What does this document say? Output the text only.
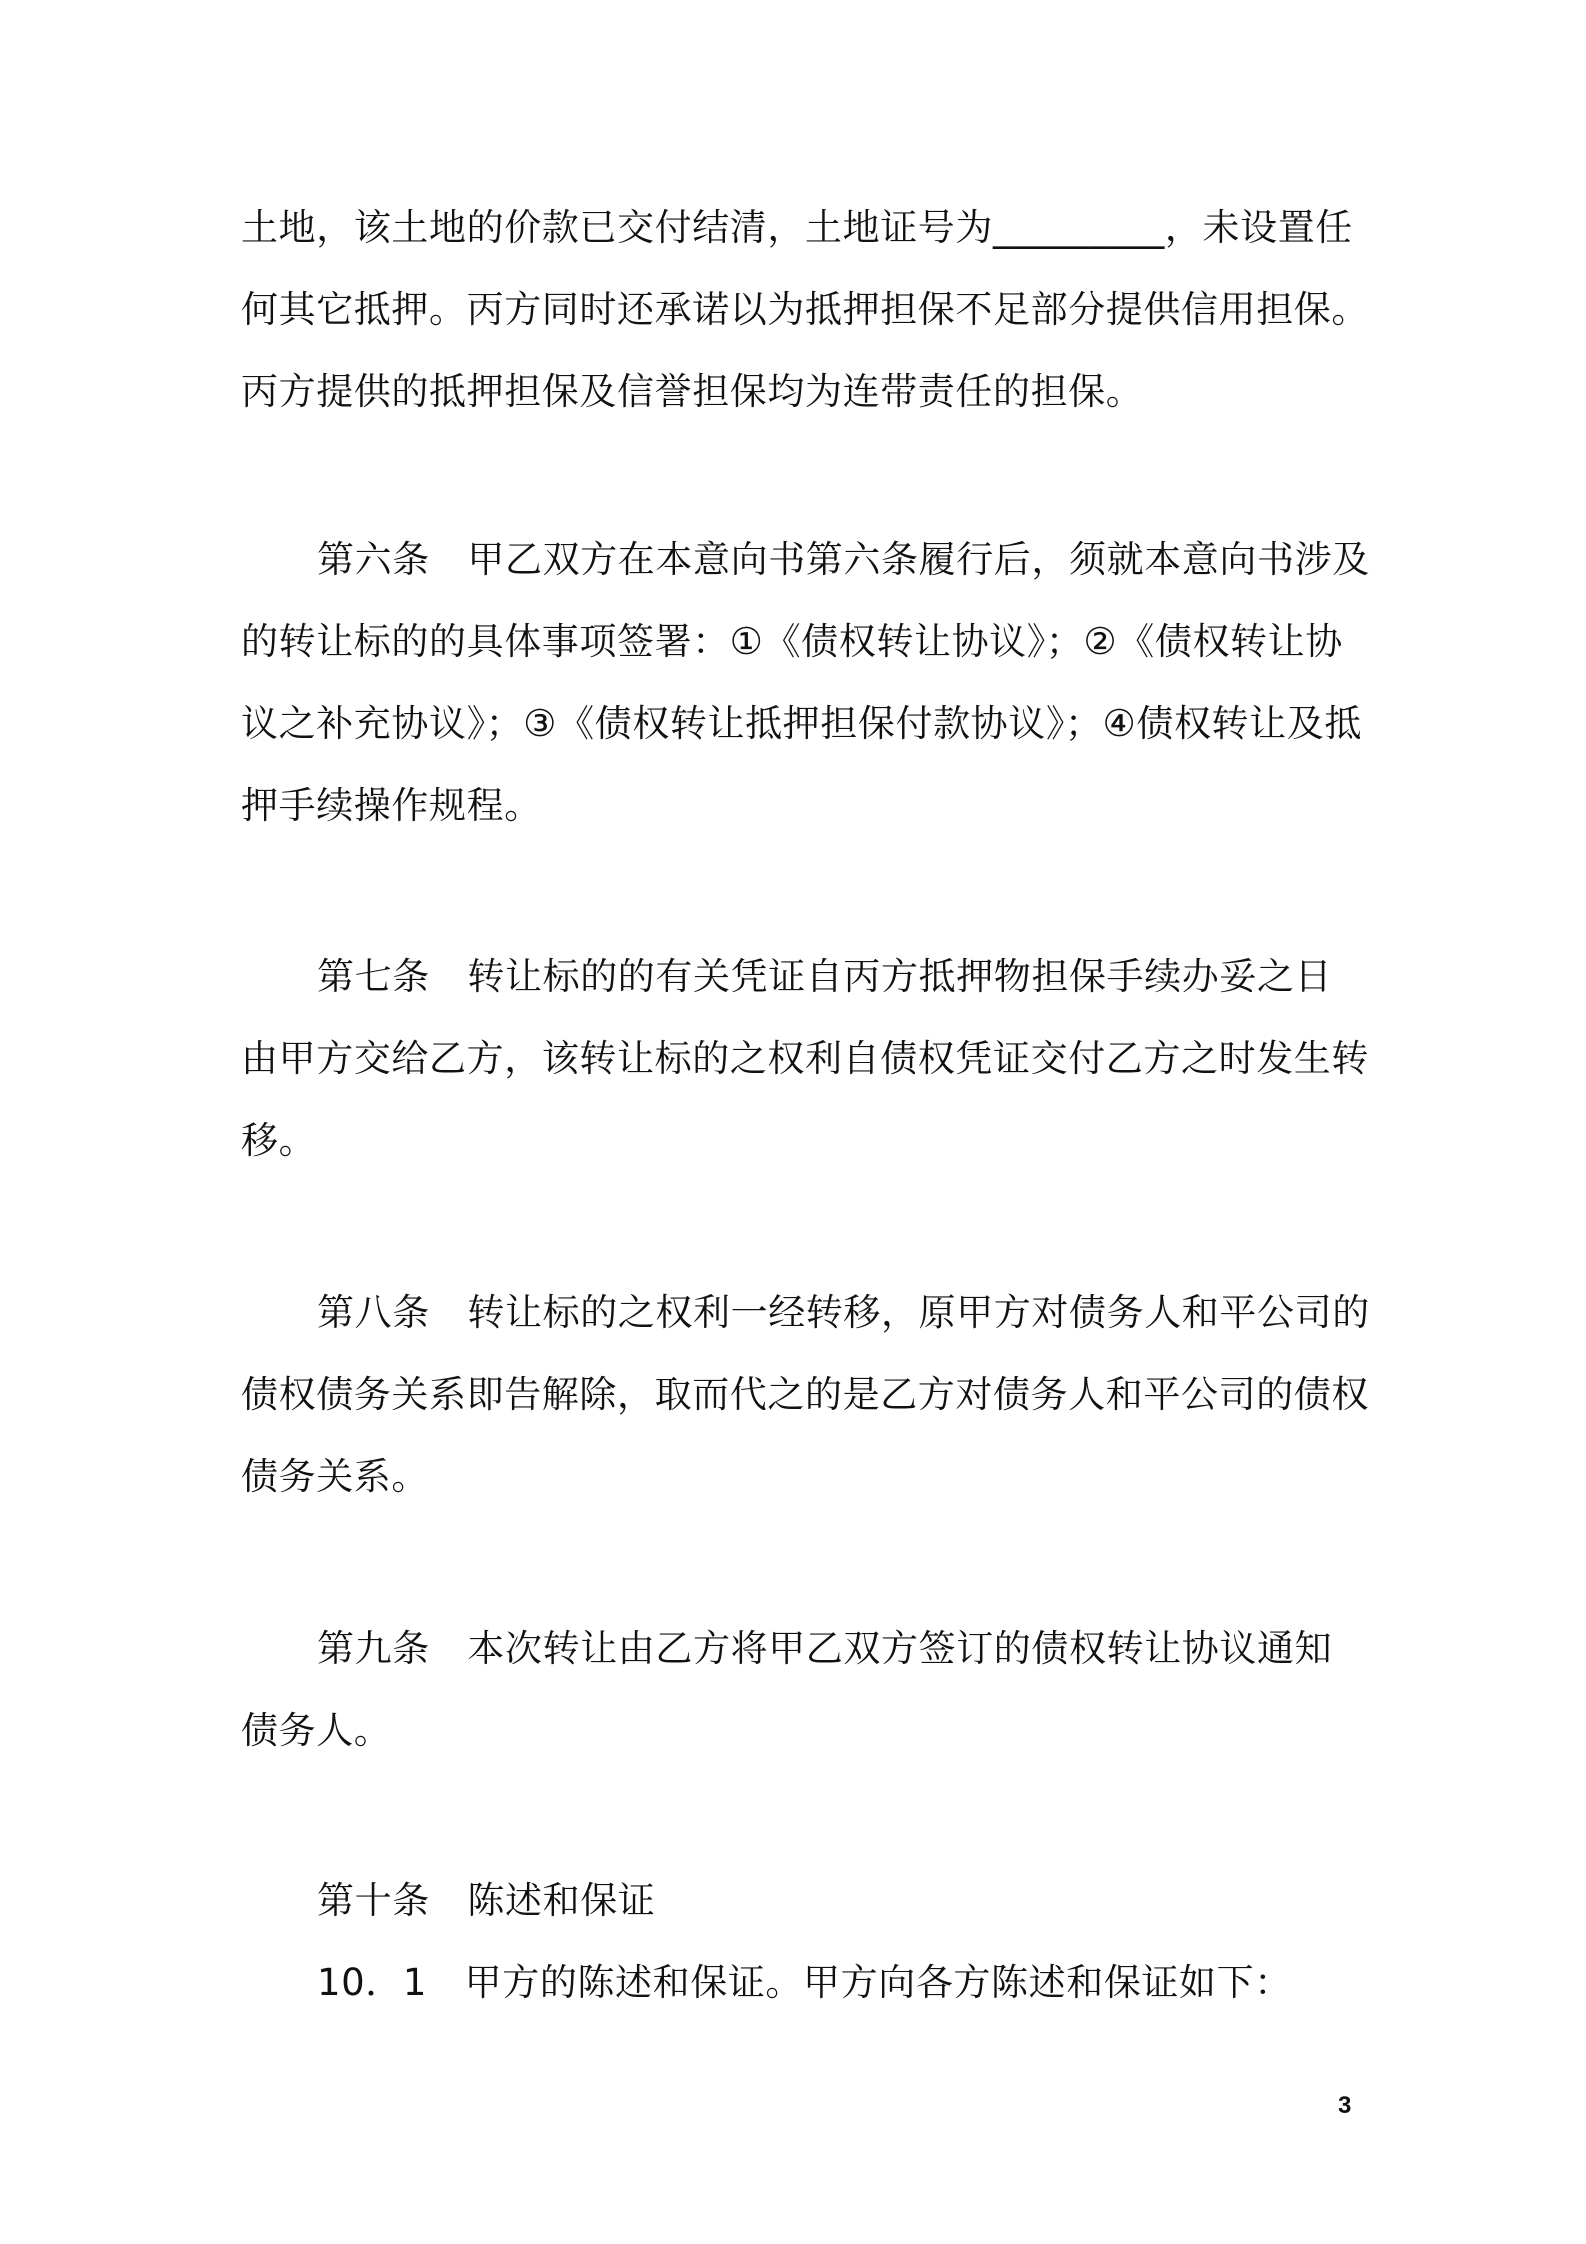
土地，该土地的价款已交付结清，土地证号为_________，未设置任
何其它抵押。丙方同时还承诺以为抵押担保不足部分提供信用担保。
丙方提供的抵押担保及信誉担保均为连带责任的担保。
第六条　甲乙双方在本意向书第六条履行后，须就本意向书涉及
的转让标的的具体事项签署：①《债权转让协议》；②《债权转让协
议之补充协议》；③《债权转让抵押担保付款协议》；④债权转让及抵
押手续操作规程。
第七条　转让标的的有关凭证自丙方抵押物担保手续办妥之日
由甲方交给乙方，该转让标的之权利自债权凭证交付乙方之时发生转
移。
第八条　转让标的之权利一经转移，原甲方对债务人和平公司的
债权债务关系即告解除，取而代之的是乙方对债务人和平公司的债权
债务关系。
第九条　本次转让由乙方将甲乙双方签订的债权转让协议通知
债务人。
第十条　陈述和保证
10．1　甲方的陈述和保证。甲方向各方陈述和保证如下：
3
